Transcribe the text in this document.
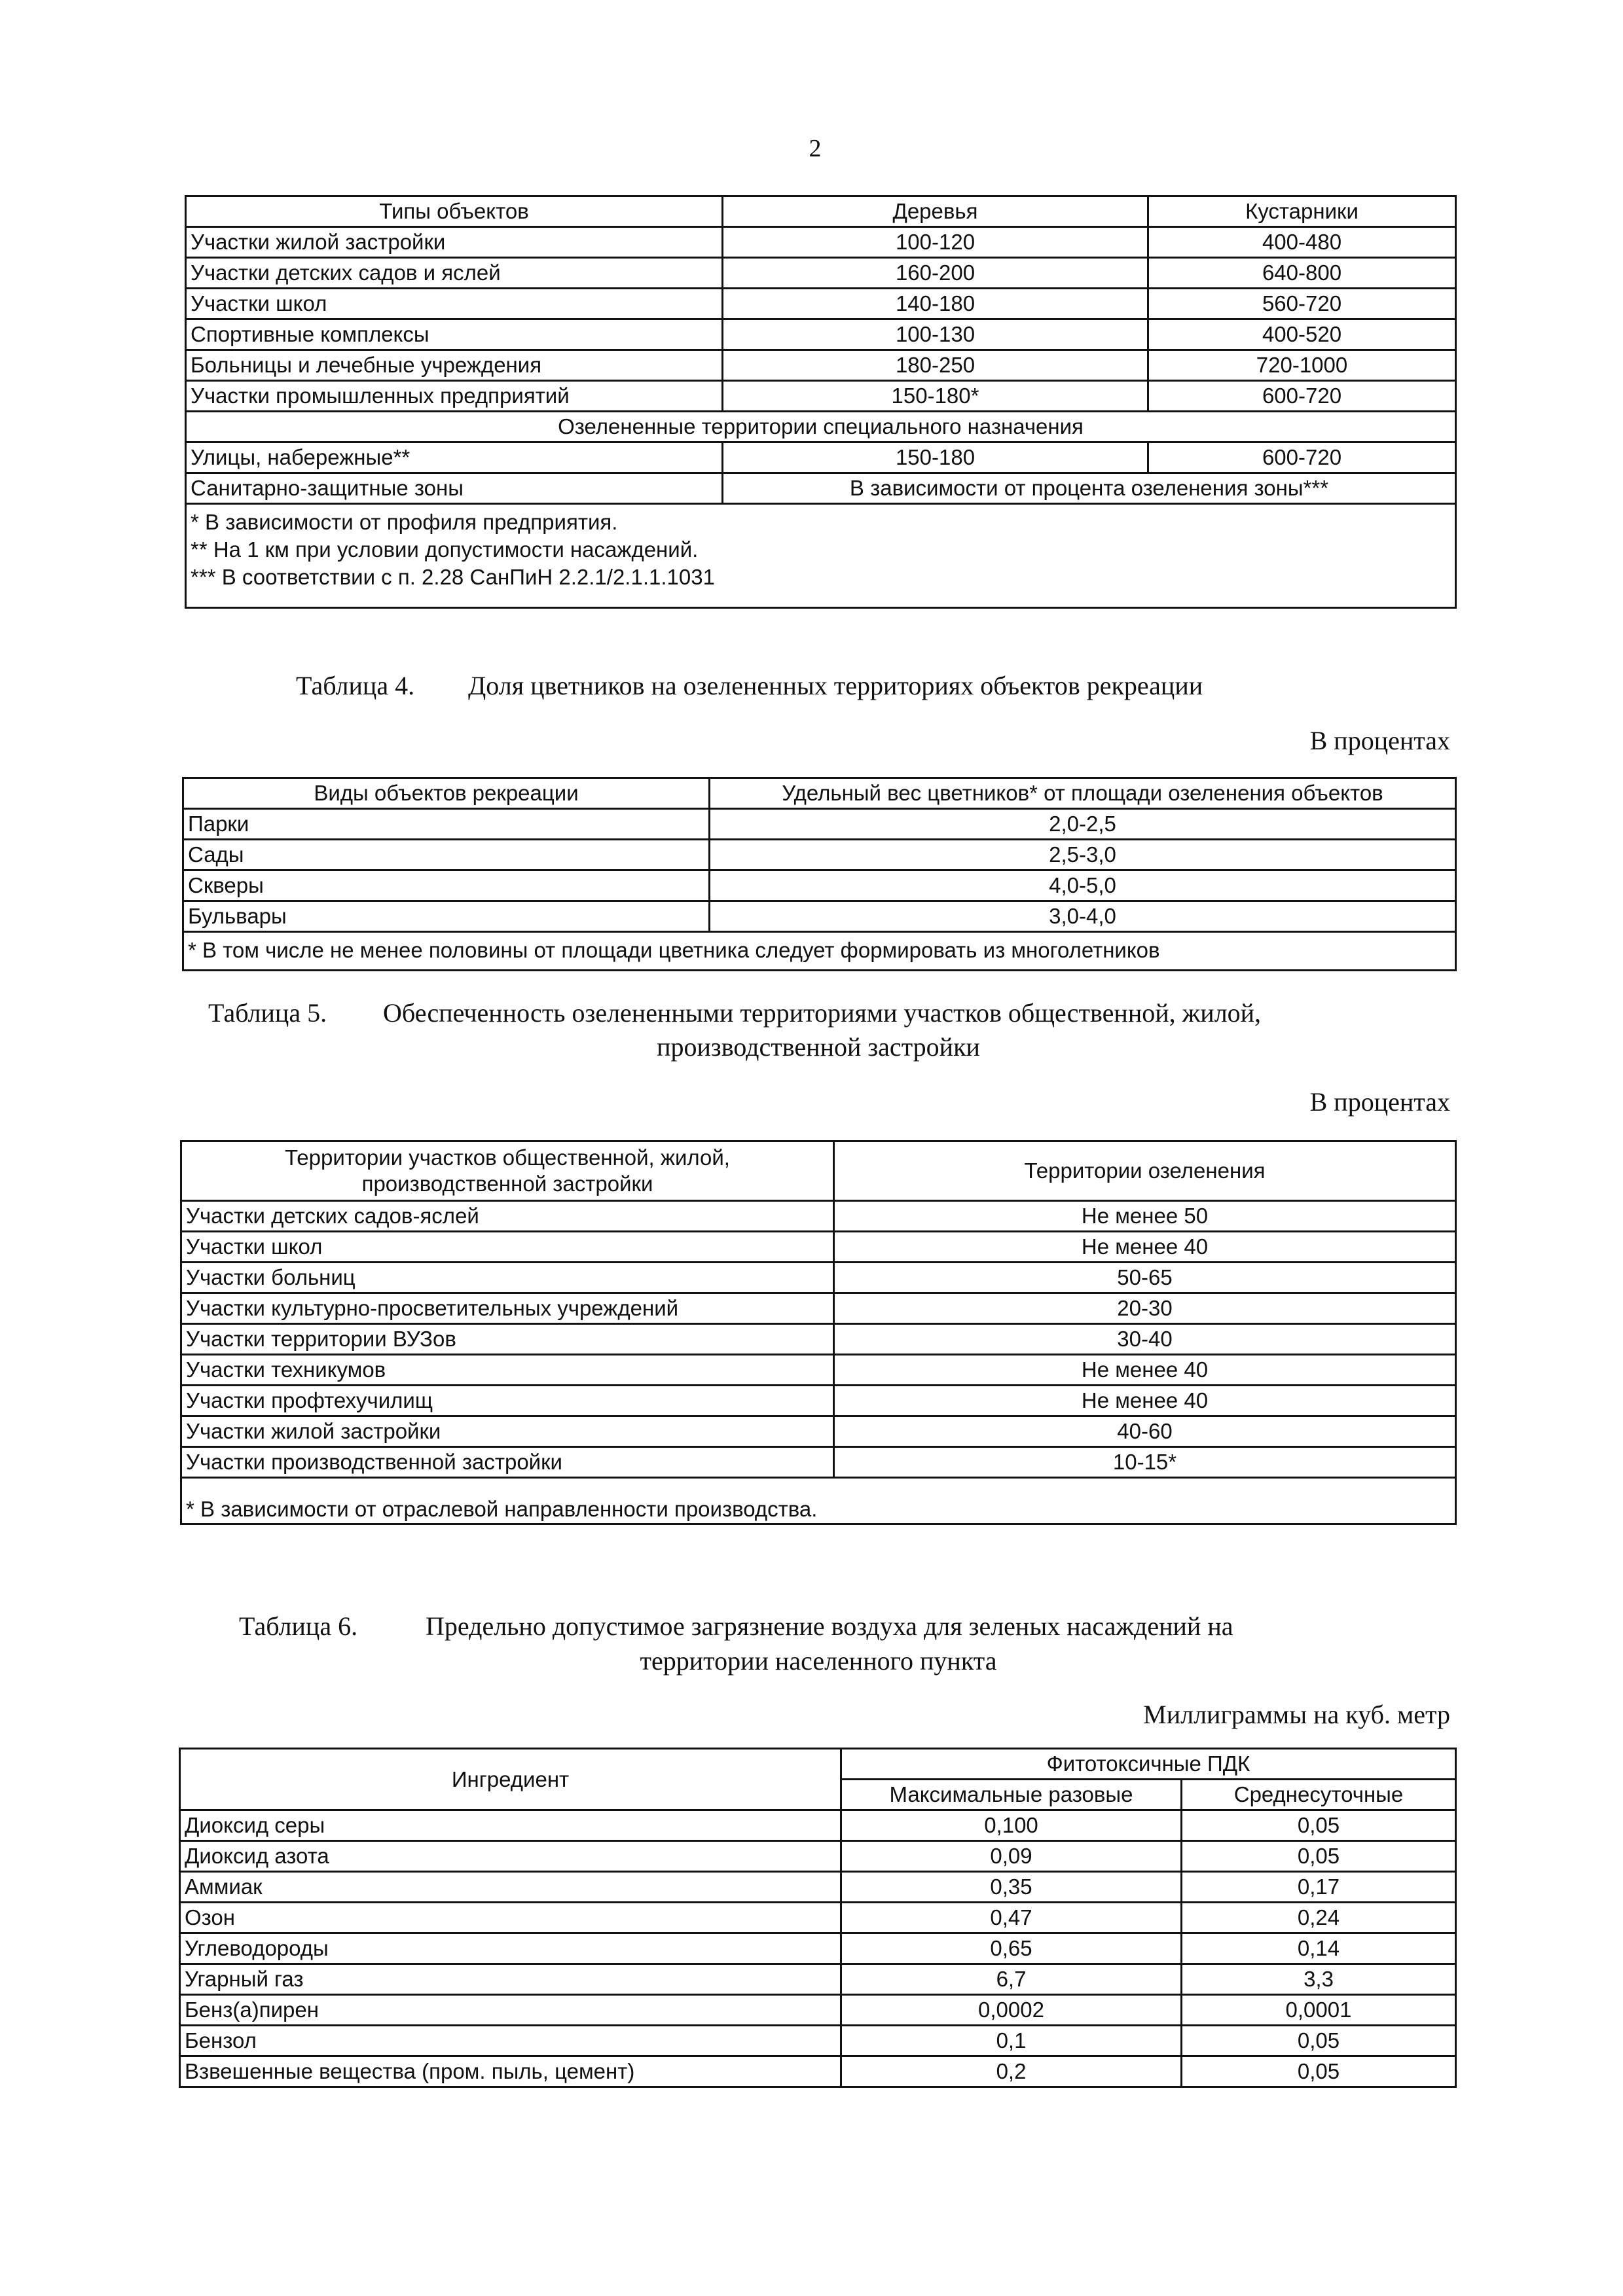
2
Типы объектов	Деревья	Кустарники
Участки жилой застройки	100-120	400-480
Участки детских садов и яслей	160-200	640-800
Участки школ	140-180	560-720
Спортивные комплексы	100-130	400-520
Больницы и лечебные учреждения	180-250	720-1000
Участки промышленных предприятий	150-180*	600-720
Озелененные территории специального назначения		
Улицы, набережные**	150-180	600-720
Санитарно-защитные зоны	В зависимости от процента озеленения зоны***	

* В зависимости от профиля предприятия.
** На 1 км при условии допустимости насаждений.
*** В соответствии с п. 2.28 СанПиН 2.2.1/2.1.1.1031		
Таблица 4. Доля цветников на озелененных территориях объектов рекреации
В процентах
Виды объектов рекреации	Удельный вес цветников* от площади озеленения объектов
Парки	2,0-2,5
Сады	2,5-3,0
Скверы	4,0-5,0
Бульвары	3,0-4,0
* В том числе не менее половины от площади цветника следует формировать из многолетников	
Таблица 5. Обеспеченность озелененными территориями участков общественной, жилой,
производственной застройки
В процентах
Территории участков общественной, жилой,
производственной застройки	Территории озеленения
Участки детских садов-яслей	Не менее 50
Участки школ	Не менее 40
Участки больниц	50-65
Участки культурно-просветительных учреждений	20-30
Участки территории ВУЗов	30-40
Участки техникумов	Не менее 40
Участки профтехучилищ	Не менее 40
Участки жилой застройки	40-60
Участки производственной застройки	10-15*
* В зависимости от отраслевой направленности производства.	
Таблица 6.	Предельно допустимое загрязнение воздуха для зеленых насаждений на
территории населенного пункта
Миллиграммы на куб. метр
Ингредиент	Фитотоксичные ПДК	
	Максимальные разовые	Среднесуточные
Диоксид серы	0,100	0,05
Диоксид азота	0,09	0,05
Аммиак	0,35	0,17
Озон	0,47	0,24
Углеводороды	0,65	0,14
Угарный газ	6,7	3,3
Бенз(а)пирен	0,0002	0,0001
Бензол	0,1	0,05
Взвешенные вещества (пром. пыль, цемент)	0,2	0,05
